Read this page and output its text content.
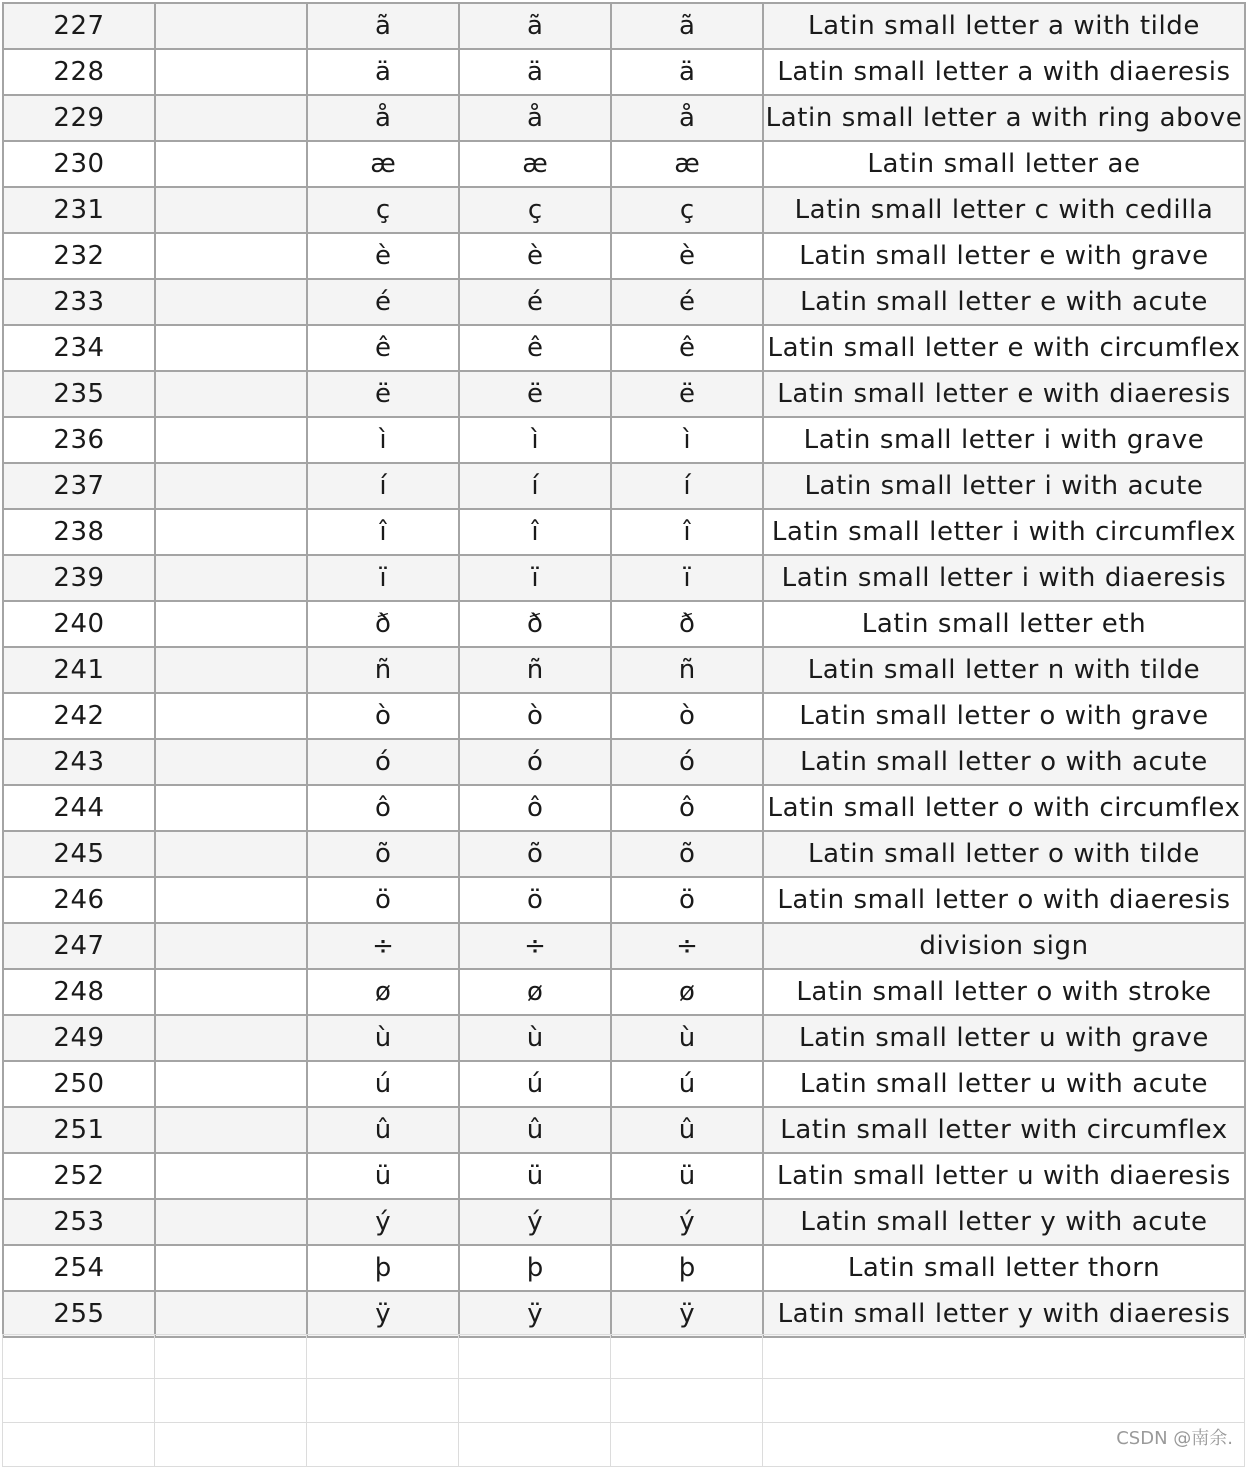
227		ã	ã	ã	Latin small letter a with tilde
228		ä	ä	ä	Latin small letter a with diaeresis
229		å	å	å	Latin small letter a with ring above
230		æ	æ	æ	Latin small letter ae
231		ç	ç	ç	Latin small letter c with cedilla
232		è	è	è	Latin small letter e with grave
233		é	é	é	Latin small letter e with acute
234		ê	ê	ê	Latin small letter e with circumflex
235		ë	ë	ë	Latin small letter e with diaeresis
236		ì	ì	ì	Latin small letter i with grave
237		í	í	í	Latin small letter i with acute
238		î	î	î	Latin small letter i with circumflex
239		ï	ï	ï	Latin small letter i with diaeresis
240		ð	ð	ð	Latin small letter eth
241		ñ	ñ	ñ	Latin small letter n with tilde
242		ò	ò	ò	Latin small letter o with grave
243		ó	ó	ó	Latin small letter o with acute
244		ô	ô	ô	Latin small letter o with circumflex
245		õ	õ	õ	Latin small letter o with tilde
246		ö	ö	ö	Latin small letter o with diaeresis
247		÷	÷	÷	division sign
248		ø	ø	ø	Latin small letter o with stroke
249		ù	ù	ù	Latin small letter u with grave
250		ú	ú	ú	Latin small letter u with acute
251		û	û	û	Latin small letter with circumflex
252		ü	ü	ü	Latin small letter u with diaeresis
253		ý	ý	ý	Latin small letter y with acute
254		þ	þ	þ	Latin small letter thorn
255		ÿ	ÿ	ÿ	Latin small letter y with diaeresis

CSDN @南余.
